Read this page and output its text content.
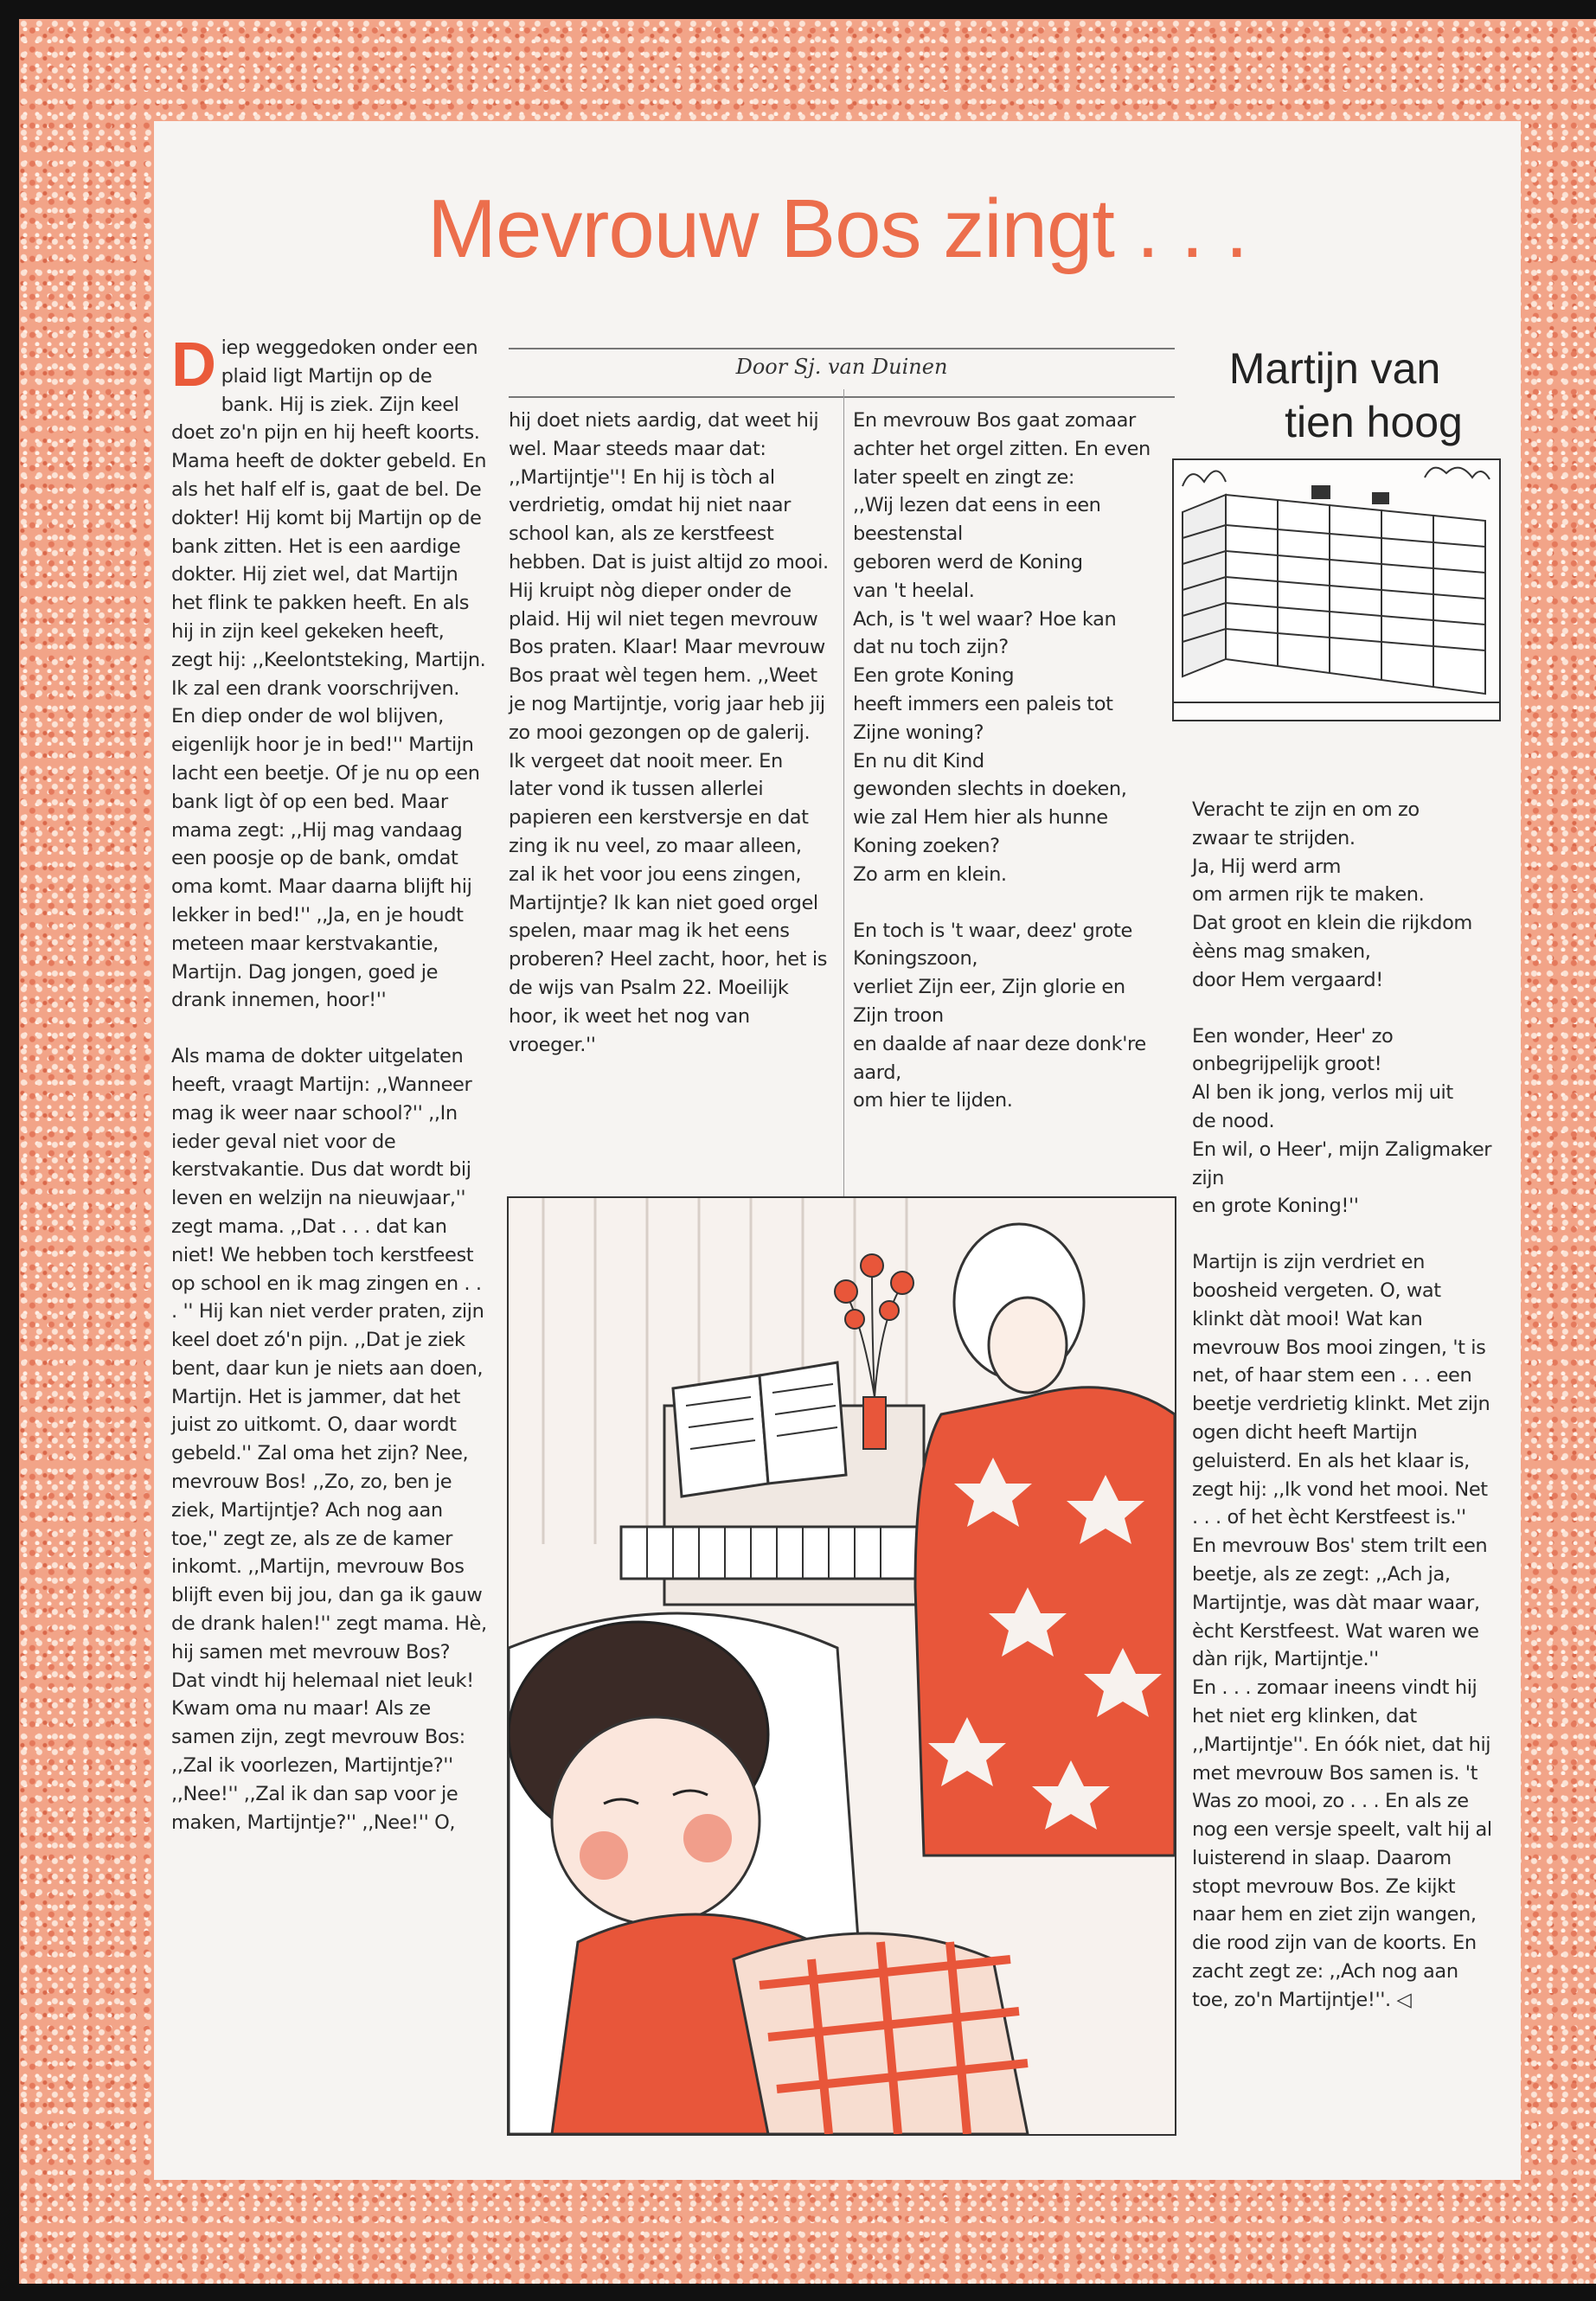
Mevrouw Bos zingt . . .

Diep weggedoken onder een plaid ligt Martijn op de bank. Hij is ziek. Zijn keel doet zo'n pijn en hij heeft koorts. Mama heeft de dokter gebeld. En als het half elf is, gaat de bel. De dokter! Hij komt bij Martijn op de bank zitten. Het is een aardige dokter. Hij ziet wel, dat Martijn het flink te pakken heeft. En als hij in zijn keel gekeken heeft, zegt hij: ,,Keelontsteking, Martijn. Ik zal een drank voorschrijven. En diep onder de wol blijven, eigenlijk hoor je in bed!'' Martijn lacht een beetje. Of je nu op een bank ligt òf op een bed. Maar mama zegt: ,,Hij mag vandaag een poosje op de bank, omdat oma komt. Maar daarna blijft hij lekker in bed!'' ,,Ja, en je houdt meteen maar kerstvakantie, Martijn. Dag jongen, goed je drank innemen, hoor!''

Als mama de dokter uitgelaten heeft, vraagt Martijn: ,,Wanneer mag ik weer naar school?'' ,,In ieder geval niet voor de kerstvakantie. Dus dat wordt bij leven en welzijn na nieuwjaar,'' zegt mama. ,,Dat . . . dat kan niet! We hebben toch kerstfeest op school en ik mag zingen en . . . '' Hij kan niet verder praten, zijn keel doet zó'n pijn. ,,Dat je ziek bent, daar kun je niets aan doen, Martijn. Het is jammer, dat het juist zo uitkomt. O, daar wordt gebeld.'' Zal oma het zijn? Nee, mevrouw Bos! ,,Zo, zo, ben je ziek, Martijntje? Ach nog aan toe,'' zegt ze, als ze de kamer inkomt. ,,Martijn, mevrouw Bos blijft even bij jou, dan ga ik gauw de drank halen!'' zegt mama. Hè, hij samen met mevrouw Bos? Dat vindt hij helemaal niet leuk! Kwam oma nu maar! Als ze samen zijn, zegt mevrouw Bos: ,,Zal ik voorlezen, Martijntje?'' ,,Nee!'' ,,Zal ik dan sap voor je maken, Martijntje?'' ,,Nee!'' O,

Door Sj. van Duinen

hij doet niets aardig, dat weet hij wel. Maar steeds maar dat: ,,Martijntje''! En hij is tòch al verdrietig, omdat hij niet naar school kan, als ze kerstfeest hebben. Dat is juist altijd zo mooi. Hij kruipt nòg dieper onder de plaid. Hij wil niet tegen mevrouw Bos praten. Klaar! Maar mevrouw Bos praat wèl tegen hem. ,,Weet je nog Martijntje, vorig jaar heb jij zo mooi gezongen op de galerij. Ik vergeet dat nooit meer. En later vond ik tussen allerlei papieren een kerstversje en dat zing ik nu veel, zo maar alleen, zal ik het voor jou eens zingen, Martijntje? Ik kan niet goed orgel spelen, maar mag ik het eens proberen? Heel zacht, hoor, het is de wijs van Psalm 22. Moeilijk hoor, ik weet het nog van vroeger.''

En mevrouw Bos gaat zomaar achter het orgel zitten. En even later speelt en zingt ze:

,,Wij lezen dat eens in een
beestenstal
geboren werd de Koning
van 't heelal.
Ach, is 't wel waar? Hoe kan
dat nu toch zijn?
Een grote Koning
heeft immers een paleis tot
Zijne woning?
En nu dit Kind
gewonden slechts in doeken,
wie zal Hem hier als hunne
Koning zoeken?
Zo arm en klein.

En toch is 't waar, deez' grote Koningszoon,
verliet Zijn eer, Zijn glorie en
Zijn troon
en daalde af naar deze donk're aard,
om hier te lijden.

Martijn van
tien hoog

Veracht te zijn en om zo
zwaar te strijden.
Ja, Hij werd arm
om armen rijk te maken.
Dat groot en klein die rijkdom èèns mag smaken,
door Hem vergaard!

Een wonder, Heer' zo onbegrijpelijk groot!
Al ben ik jong, verlos mij uit
de nood.
En wil, o Heer', mijn Zaligmaker zijn
en grote Koning!''

Martijn is zijn verdriet en boosheid vergeten. O, wat klinkt dàt mooi! Wat kan mevrouw Bos mooi zingen, 't is net, of haar stem een . . . een beetje verdrietig klinkt. Met zijn ogen dicht heeft Martijn geluisterd. En als het klaar is, zegt hij: ,,Ik vond het mooi. Net . . . of het ècht Kerstfeest is.'' En mevrouw Bos' stem trilt een beetje, als ze zegt: ,,Ach ja, Martijntje, was dàt maar waar, ècht Kerstfeest. Wat waren we dàn rijk, Martijntje.''
En . . . zomaar ineens vindt hij het niet erg klinken, dat ,,Martijntje''. En óók niet, dat hij met mevrouw Bos samen is. 't Was zo mooi, zo . . . En als ze nog een versje speelt, valt hij al luisterend in slaap. Daarom stopt mevrouw Bos. Ze kijkt naar hem en ziet zijn wangen, die rood zijn van de koorts. En zacht zegt ze: ,,Ach nog aan toe, zo'n Martijntje!''. ◁
